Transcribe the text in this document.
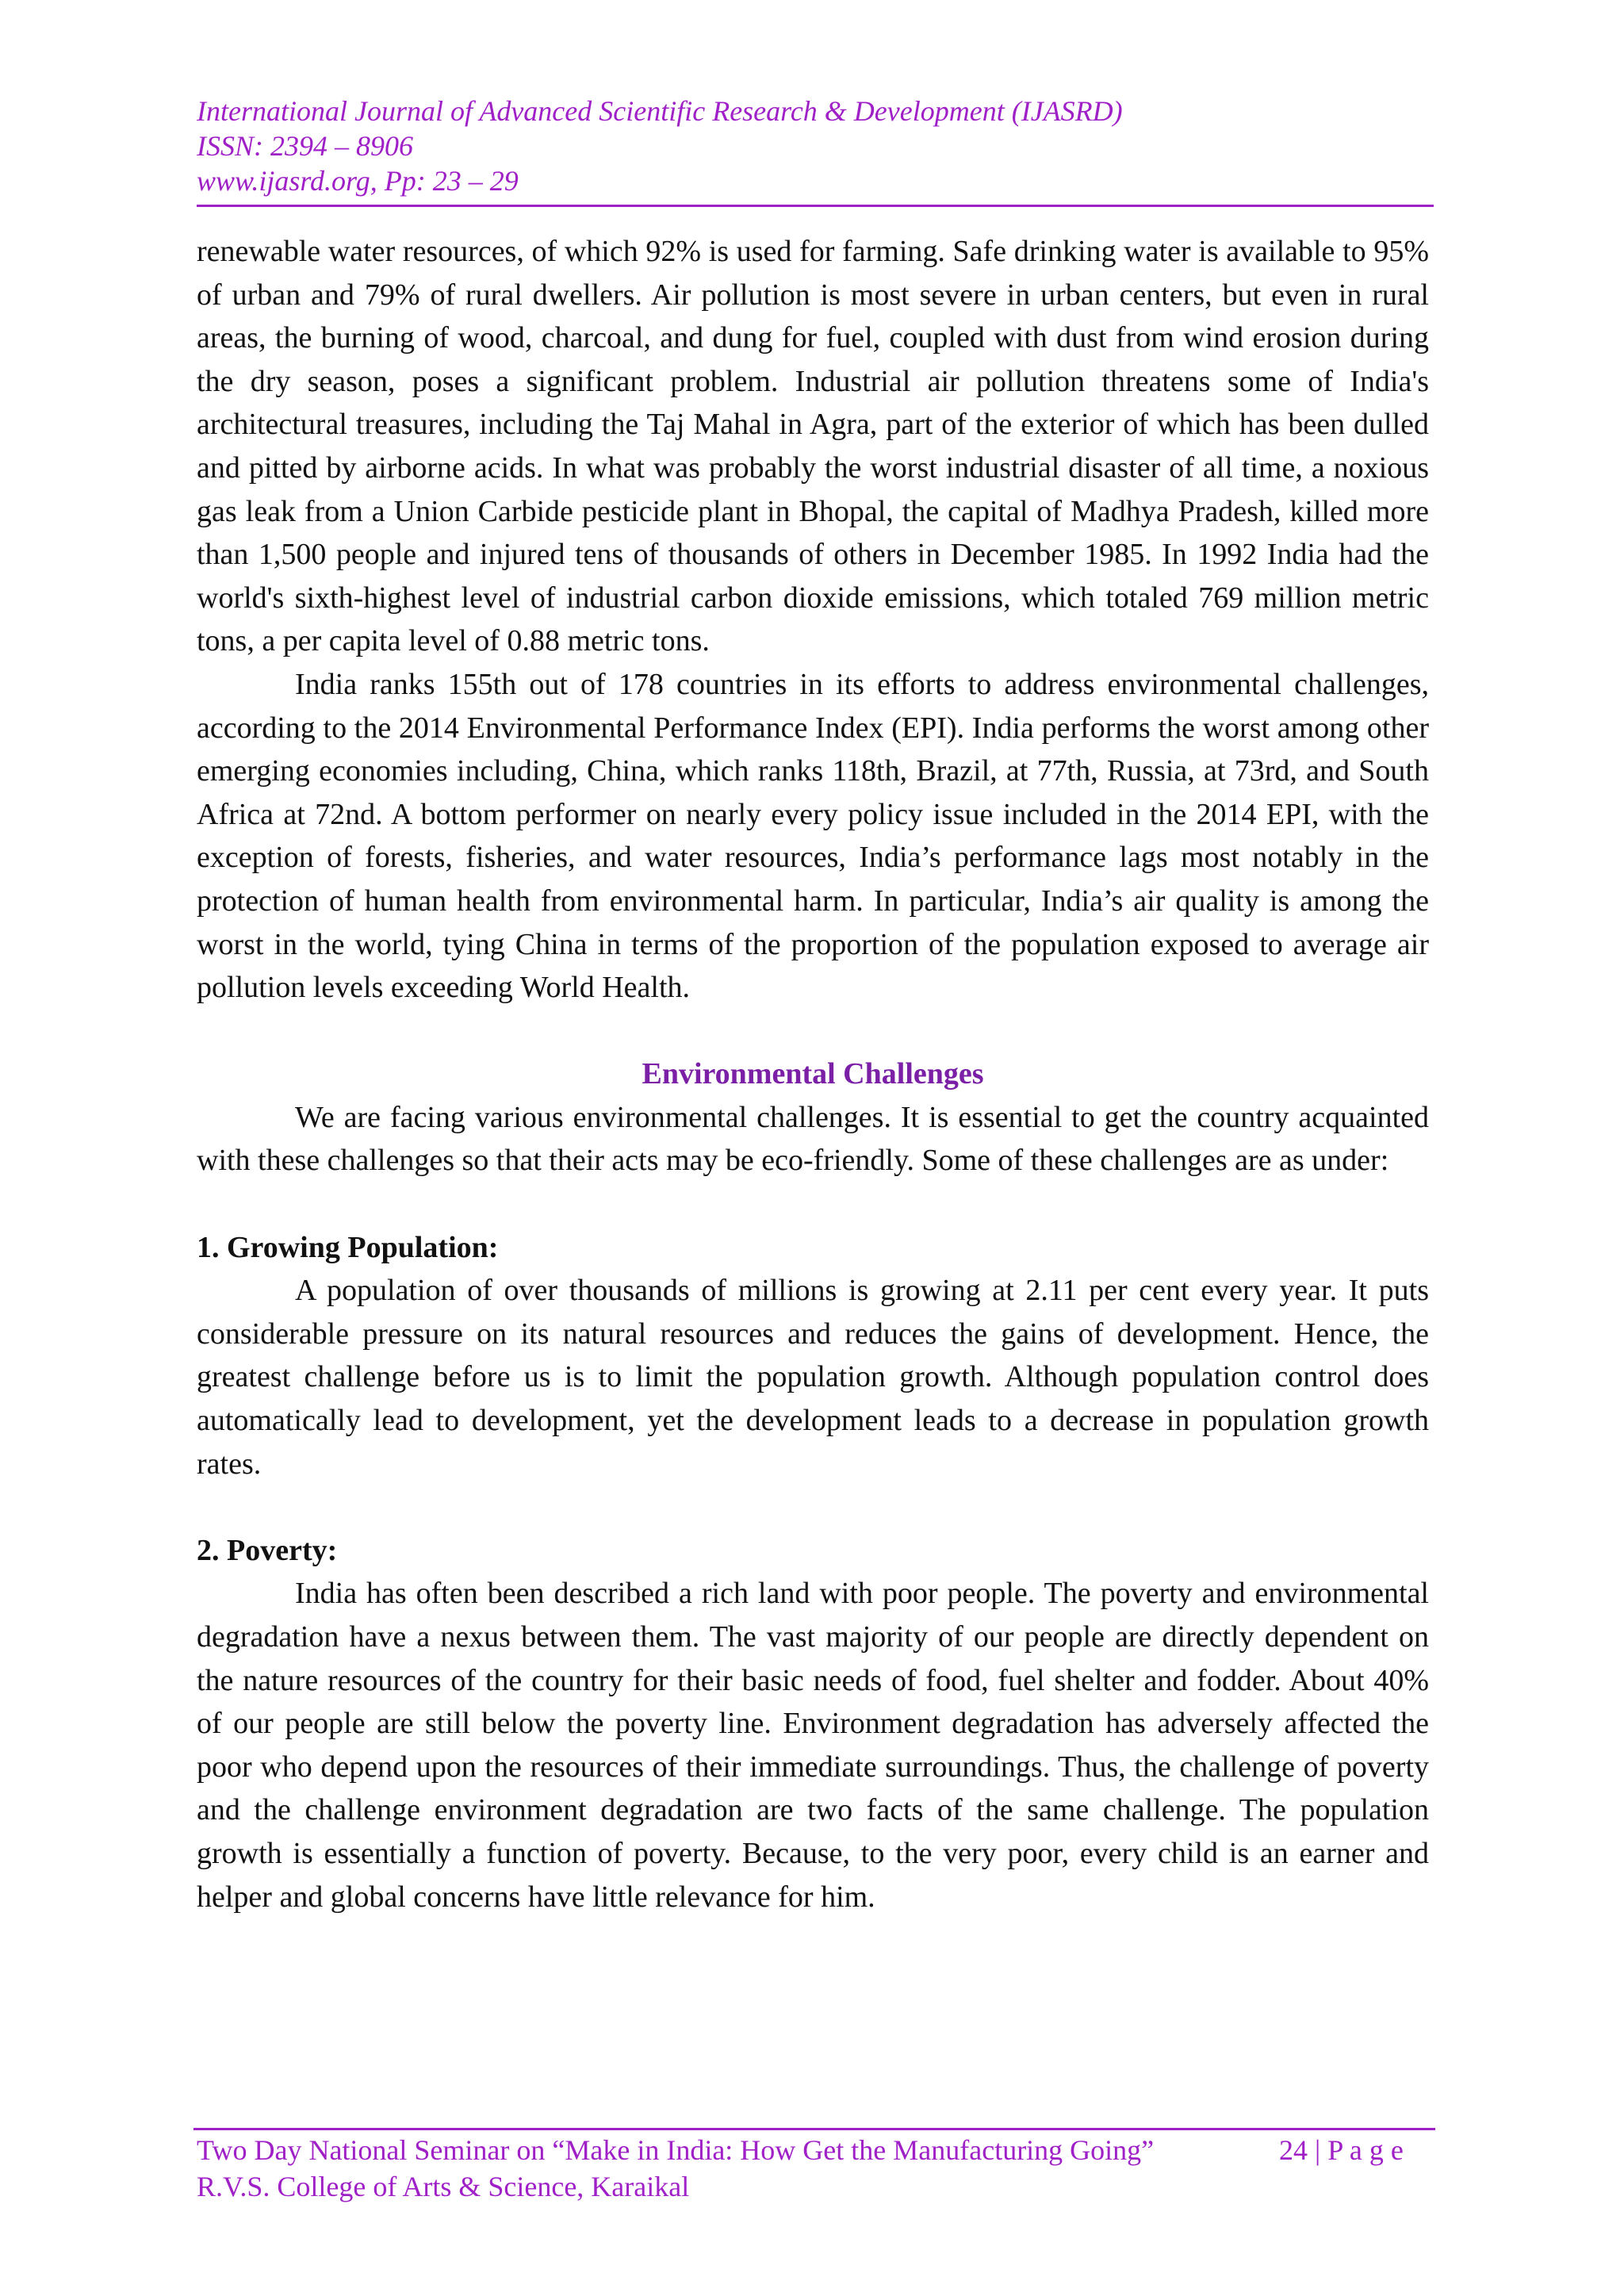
International Journal of Advanced Scientific Research & Development (IJASRD)
ISSN: 2394 – 8906
www.ijasrd.org, Pp: 23 – 29

renewable water resources, of which 92% is used for farming. Safe drinking water is available to 95% of urban and 79% of rural dwellers. Air pollution is most severe in urban centers, but even in rural areas, the burning of wood, charcoal, and dung for fuel, coupled with dust from wind erosion during the dry season, poses a significant problem. Industrial air pollution threatens some of India's architectural treasures, including the Taj Mahal in Agra, part of the exterior of which has been dulled and pitted by airborne acids. In what was probably the worst industrial disaster of all time, a noxious gas leak from a Union Carbide pesticide plant in Bhopal, the capital of Madhya Pradesh, killed more than 1,500 people and injured tens of thousands of others in December 1985. In 1992 India had the world's sixth-highest level of industrial carbon dioxide emissions, which totaled 769 million metric tons, a per capita level of 0.88 metric tons.

India ranks 155th out of 178 countries in its efforts to address environmental challenges, according to the 2014 Environmental Performance Index (EPI). India performs the worst among other emerging economies including, China, which ranks 118th, Brazil, at 77th, Russia, at 73rd, and South Africa at 72nd. A bottom performer on nearly every policy issue included in the 2014 EPI, with the exception of forests, fisheries, and water resources, India’s performance lags most notably in the protection of human health from environmental harm. In particular, India’s air quality is among the worst in the world, tying China in terms of the proportion of the population exposed to average air pollution levels exceeding World Health.

Environmental Challenges

We are facing various environmental challenges. It is essential to get the country acquainted with these challenges so that their acts may be eco-friendly. Some of these challenges are as under:

1. Growing Population:

A population of over thousands of millions is growing at 2.11 per cent every year. It puts considerable pressure on its natural resources and reduces the gains of development. Hence, the greatest challenge before us is to limit the population growth. Although population control does automatically lead to development, yet the development leads to a decrease in population growth rates.

2. Poverty:

India has often been described a rich land with poor people. The poverty and environmental degradation have a nexus between them. The vast majority of our people are directly dependent on the nature resources of the country for their basic needs of food, fuel shelter and fodder. About 40% of our people are still below the poverty line. Environment degradation has adversely affected the poor who depend upon the resources of their immediate surroundings. Thus, the challenge of poverty and the challenge environment degradation are two facts of the same challenge. The population growth is essentially a function of poverty. Because, to the very poor, every child is an earner and helper and global concerns have little relevance for him.

Two Day National Seminar on “Make in India: How Get the Manufacturing Going”	24 | P a g e
R.V.S. College of Arts & Science, Karaikal
